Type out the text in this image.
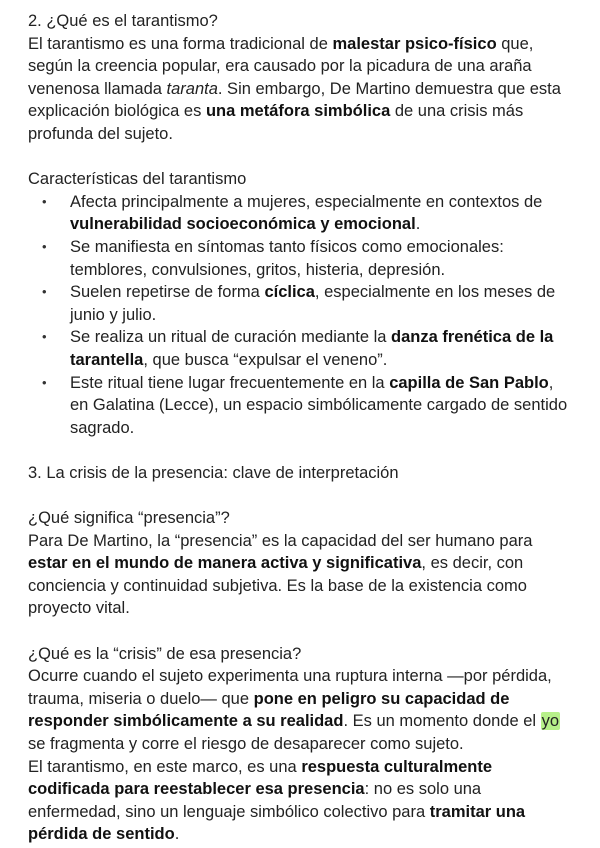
2. ¿Qué es el tarantismo?

El tarantismo es una forma tradicional de malestar psico-físico que, según la creencia popular, era causado por la picadura de una araña venenosa llamada taranta. Sin embargo, De Martino demuestra que esta explicación biológica es una metáfora simbólica de una crisis más profunda del sujeto.

Características del tarantismo

• Afecta principalmente a mujeres, especialmente en contextos de vulnerabilidad socioeconómica y emocional.
• Se manifiesta en síntomas tanto físicos como emocionales: temblores, convulsiones, gritos, histeria, depresión.
• Suelen repetirse de forma cíclica, especialmente en los meses de junio y julio.
• Se realiza un ritual de curación mediante la danza frenética de la tarantella, que busca “expulsar el veneno”.
• Este ritual tiene lugar frecuentemente en la capilla de San Pablo, en Galatina (Lecce), un espacio simbólicamente cargado de sentido sagrado.

3. La crisis de la presencia: clave de interpretación

¿Qué significa “presencia”?

Para De Martino, la “presencia” es la capacidad del ser humano para estar en el mundo de manera activa y significativa, es decir, con conciencia y continuidad subjetiva. Es la base de la existencia como proyecto vital.

¿Qué es la “crisis” de esa presencia?

Ocurre cuando el sujeto experimenta una ruptura interna —por pérdida, trauma, miseria o duelo— que pone en peligro su capacidad de responder simbólicamente a su realidad. Es un momento donde el yo se fragmenta y corre el riesgo de desaparecer como sujeto.

El tarantismo, en este marco, es una respuesta culturalmente codificada para reestablecer esa presencia: no es solo una enfermedad, sino un lenguaje simbólico colectivo para tramitar una pérdida de sentido.
